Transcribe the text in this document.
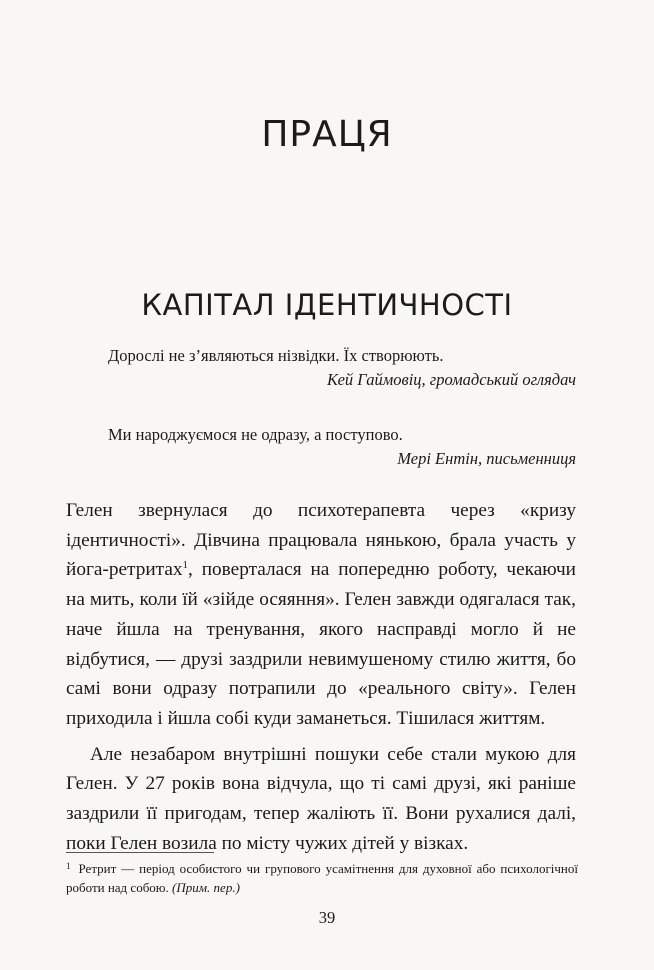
ПРАЦЯ
КАПІТАЛ ІДЕНТИЧНОСТІ
Дорослі не з’являються нізвідки. Їх створюють.
Кей Гаймовіц, громадський оглядач
Ми народжуємося не одразу, а поступово.
Мері Ентін, письменниця

Гелен звернулася до психотерапевта через «кризу ідентичності». Дівчина працювала нянькою, брала участь у йога-ретритах$^1$, поверталася на попередню роботу, чекаючи на мить, коли їй «зійде осяяння». Гелен завжди одягалася так, наче йшла на тренування, якого насправді могло й не відбутися, — друзі заздрили невимушеному стилю життя, бо самі вони одразу потрапили до «реального світу». Гелен приходила і йшла собі куди заманеться. Тішилася життям.

Але незабаром внутрішні пошуки себе стали мукою для Гелен. У 27 років вона відчула, що ті самі друзі, які раніше заздрили її пригодам, тепер жаліють її. Вони рухалися далі, поки Гелен возила по місту чужих дітей у візках.

$^1$ Ретрит — період особистого чи групового усамітнення для духовної або психологічної роботи над собою. (Прим. пер.)
39
